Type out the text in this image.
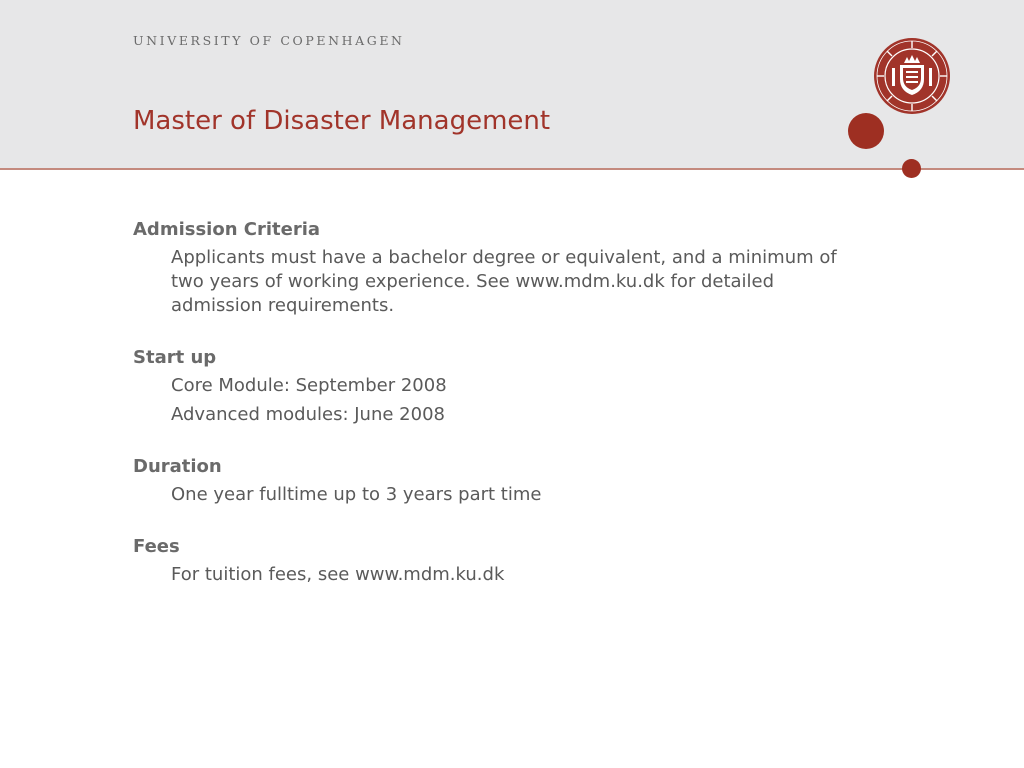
UNIVERSITY OF COPENHAGEN
Master of Disaster Management
Admission Criteria
Applicants must have a bachelor degree or equivalent, and a minimum of two years of working experience. See www.mdm.ku.dk for detailed admission requirements.
Start up
Core Module: September 2008
Advanced modules: June 2008
Duration
One year fulltime up to 3 years part time
Fees
For tuition fees, see www.mdm.ku.dk
